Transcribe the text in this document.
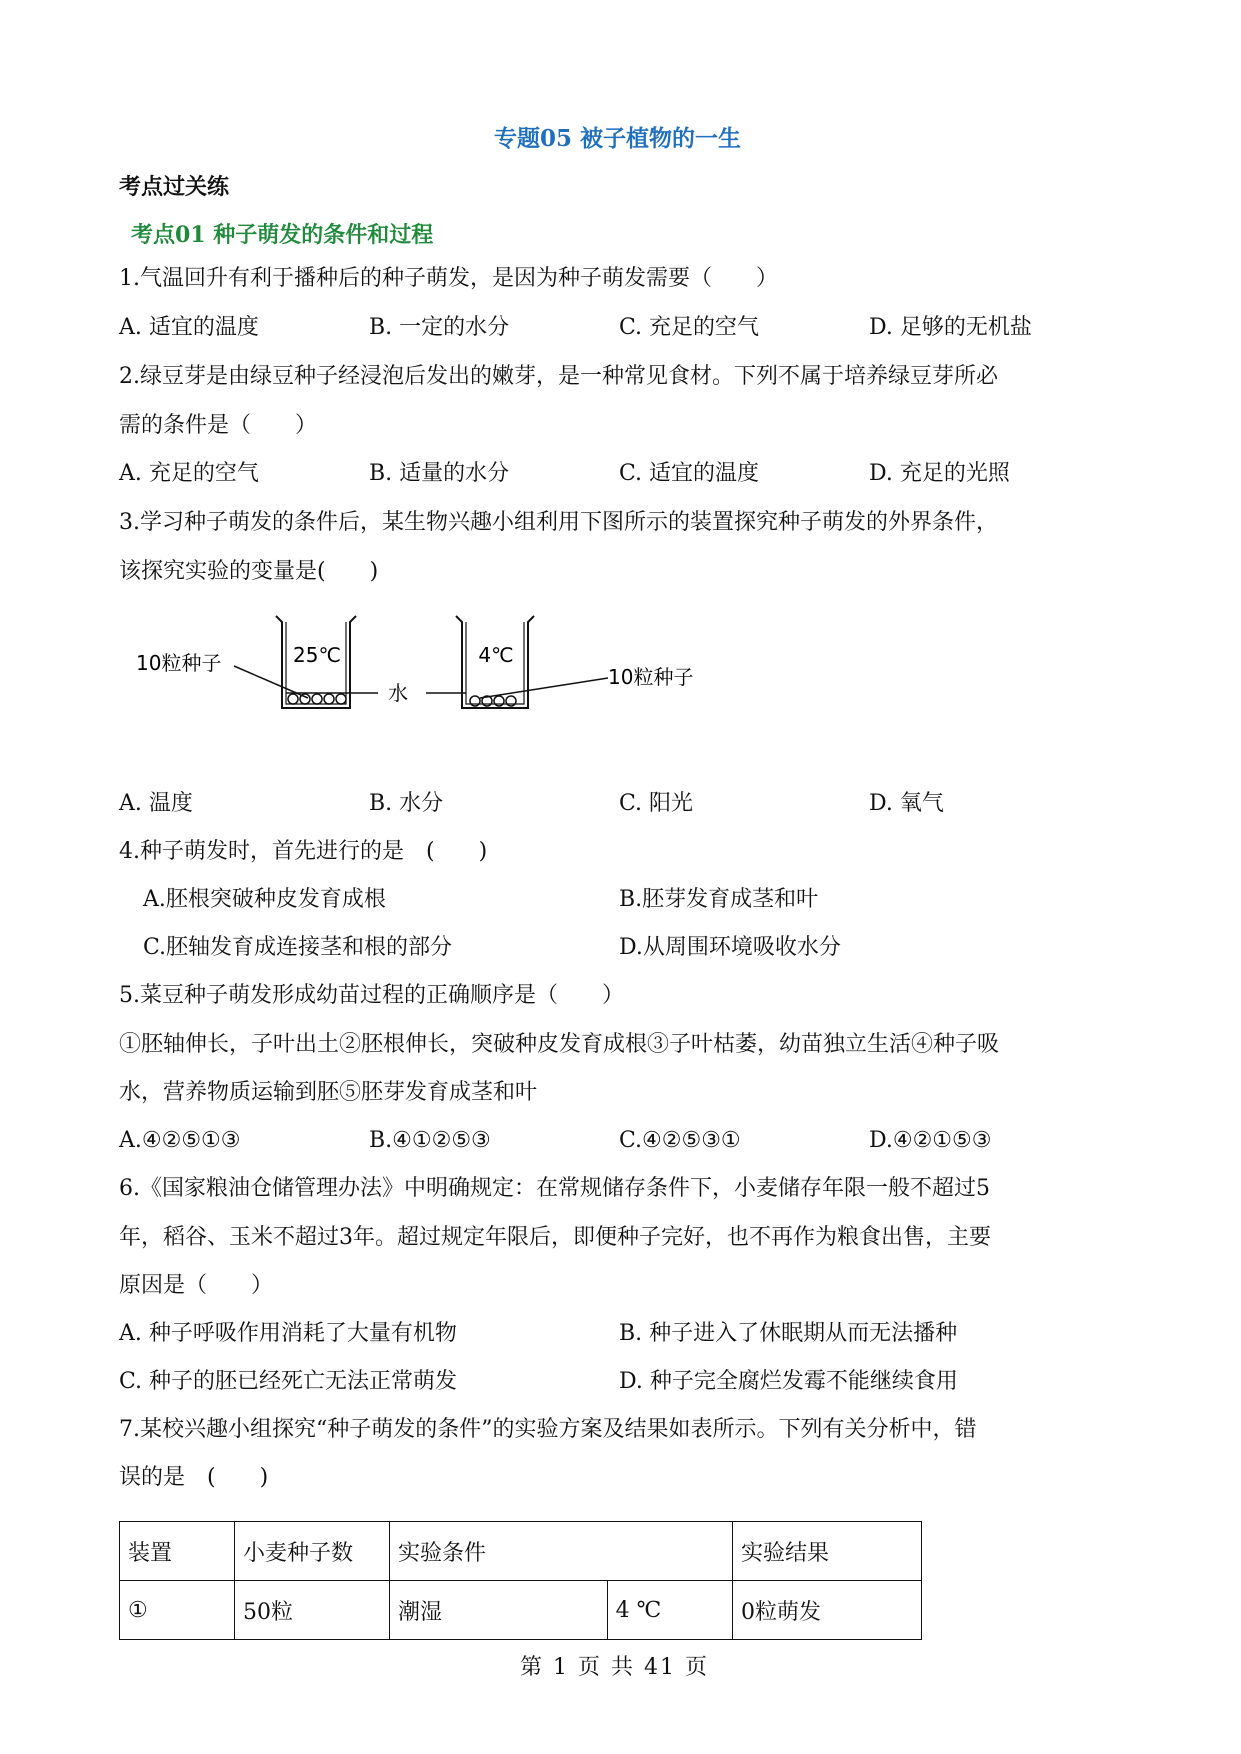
专题05 被子植物的一生
考点过关练
考点01 种子萌发的条件和过程
1.气温回升有利于播种后的种子萌发，是因为种子萌发需要（　　）
A. 适宜的温度	B. 一定的水分	C. 充足的空气	D. 足够的无机盐
2.绿豆芽是由绿豆种子经浸泡后发出的嫩芽，是一种常见食材。下列不属于培养绿豆芽所必
需的条件是（　　）
A. 充足的空气	B. 适量的水分	C. 适宜的温度	D. 充足的光照
3.学习种子萌发的条件后，某生物兴趣小组利用下图所示的装置探究种子萌发的外界条件，
该探究实验的变量是(　　)
25℃	4℃
10粒种子
10粒种子
水
A. 温度	B. 水分	C. 阳光	D. 氧气
4.种子萌发时，首先进行的是　(　　)
A.胚根突破种皮发育成根	B.胚芽发育成茎和叶
C.胚轴发育成连接茎和根的部分	D.从周围环境吸收水分
5.菜豆种子萌发形成幼苗过程的正确顺序是（　　）
①胚轴伸长，子叶出土②胚根伸长，突破种皮发育成根③子叶枯萎，幼苗独立生活④种子吸
水，营养物质运输到胚⑤胚芽发育成茎和叶
A.④②⑤①③	B.④①②⑤③	C.④②⑤③①	D.④②①⑤③
6.《国家粮油仓储管理办法》中明确规定：在常规储存条件下，小麦储存年限一般不超过5
年，稻谷、玉米不超过3年。超过规定年限后，即便种子完好，也不再作为粮食出售，主要
原因是（　　）
A. 种子呼吸作用消耗了大量有机物	B. 种子进入了休眠期从而无法播种
C. 种子的胚已经死亡无法正常萌发	D. 种子完全腐烂发霉不能继续食用
7.某校兴趣小组探究“种子萌发的条件”的实验方案及结果如表所示。下列有关分析中，错
误的是　(　　)
装置	小麦种子数	实验条件		实验结果
①	50粒	潮湿	4 ℃	0粒萌发
第 1 页 共 41 页
